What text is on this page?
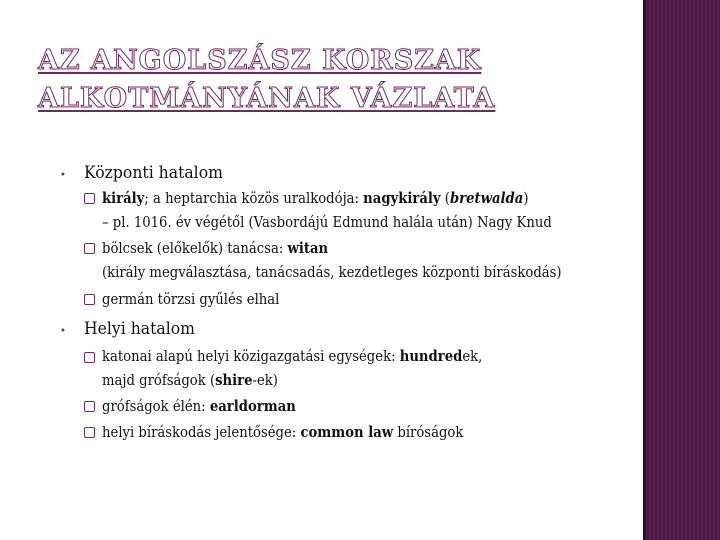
AZ ANGOLSZÁSZ KORSZAK
ALKOTMÁNYÁNAK VÁZLATA
• Központi hatalom
király; a heptarchia közös uralkodója: nagykirály (bretwalda)
– pl. 1016. év végétől (Vasbordájú Edmund halála után) Nagy Knud
bölcsek (előkelők) tanácsa: witan
(király megválasztása, tanácsadás, kezdetleges központi bíráskodás)
germán törzsi gyűlés elhal
• Helyi hatalom
katonai alapú helyi közigazgatási egységek: hundredek,
majd grófságok (shire-ek)
grófságok élén: earldorman
helyi bíráskodás jelentősége: common law bíróságok
